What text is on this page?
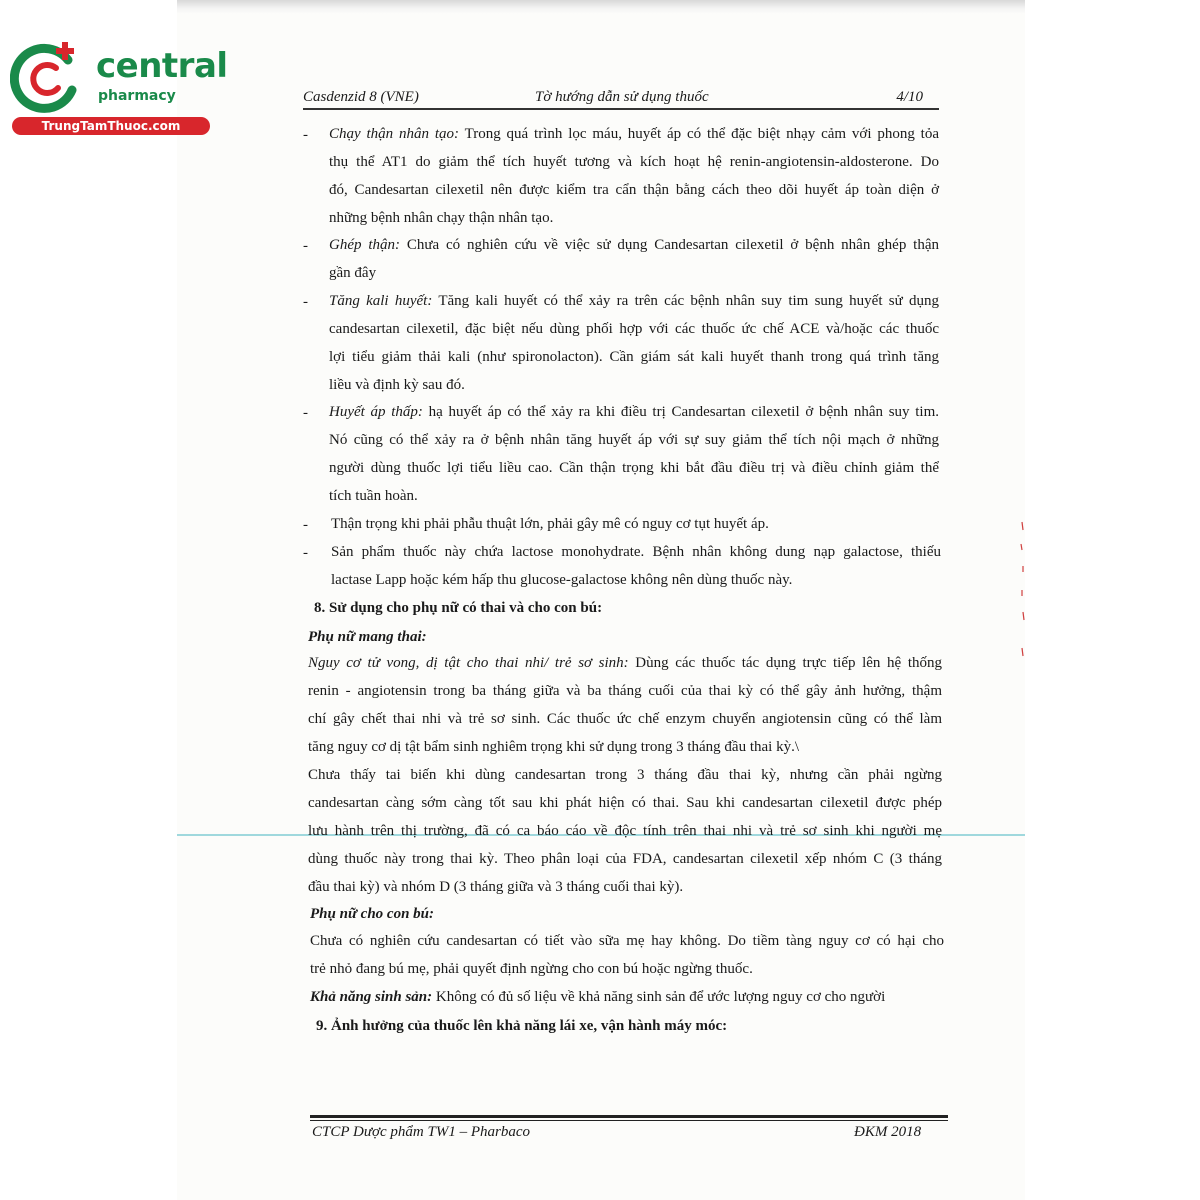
central
pharmacy
TrungTamThuoc.com
Casdenzid 8 (VNE)	Tờ hướng dẫn sử dụng thuốc	4/10
- Chạy thận nhân tạo: Trong quá trình lọc máu, huyết áp có thể đặc biệt nhạy cảm với phong tỏa
thụ thể AT1 do giảm thể tích huyết tương và kích hoạt hệ renin-angiotensin-aldosterone. Do
đó, Candesartan cilexetil nên được kiểm tra cẩn thận bằng cách theo dõi huyết áp toàn diện ở
những bệnh nhân chạy thận nhân tạo.
- Ghép thận: Chưa có nghiên cứu về việc sử dụng Candesartan cilexetil ở bệnh nhân ghép thận
gần đây
- Tăng kali huyết: Tăng kali huyết có thể xảy ra trên các bệnh nhân suy tim sung huyết sử dụng
candesartan cilexetil, đặc biệt nếu dùng phối hợp với các thuốc ức chế ACE và/hoặc các thuốc
lợi tiểu giảm thải kali (như spironolacton). Cần giám sát kali huyết thanh trong quá trình tăng
liều và định kỳ sau đó.
- Huyết áp thấp: hạ huyết áp có thể xảy ra khi điều trị Candesartan cilexetil ở bệnh nhân suy tim.
Nó cũng có thể xảy ra ở bệnh nhân tăng huyết áp với sự suy giảm thể tích nội mạch ở những
người dùng thuốc lợi tiểu liều cao. Cần thận trọng khi bắt đầu điều trị và điều chỉnh giảm thể
tích tuần hoàn.
- Thận trọng khi phải phẫu thuật lớn, phải gây mê có nguy cơ tụt huyết áp.
- Sản phẩm thuốc này chứa lactose monohydrate. Bệnh nhân không dung nạp galactose, thiếu
lactase Lapp hoặc kém hấp thu glucose-galactose không nên dùng thuốc này.
8. Sử dụng cho phụ nữ có thai và cho con bú:
Phụ nữ mang thai:
Nguy cơ tử vong, dị tật cho thai nhi/ trẻ sơ sinh: Dùng các thuốc tác dụng trực tiếp lên hệ thống
renin - angiotensin trong ba tháng giữa và ba tháng cuối của thai kỳ có thể gây ảnh hưởng, thậm
chí gây chết thai nhi và trẻ sơ sinh. Các thuốc ức chế enzym chuyển angiotensin cũng có thể làm
tăng nguy cơ dị tật bẩm sinh nghiêm trọng khi sử dụng trong 3 tháng đầu thai kỳ.\
Chưa thấy tai biến khi dùng candesartan trong 3 tháng đầu thai kỳ, nhưng cần phải ngừng
candesartan càng sớm càng tốt sau khi phát hiện có thai. Sau khi candesartan cilexetil được phép
lưu hành trên thị trường, đã có ca báo cáo về độc tính trên thai nhi và trẻ sơ sinh khi người mẹ
dùng thuốc này trong thai kỳ. Theo phân loại của FDA, candesartan cilexetil xếp nhóm C (3 tháng
đầu thai kỳ) và nhóm D (3 tháng giữa và 3 tháng cuối thai kỳ).
Phụ nữ cho con bú:
Chưa có nghiên cứu candesartan có tiết vào sữa mẹ hay không. Do tiềm tàng nguy cơ có hại cho
trẻ nhỏ đang bú mẹ, phải quyết định ngừng cho con bú hoặc ngừng thuốc.
Khả năng sinh sản: Không có đủ số liệu về khả năng sinh sản để ước lượng nguy cơ cho người
9. Ảnh hưởng của thuốc lên khả năng lái xe, vận hành máy móc:
CTCP Dược phẩm TW1 – Pharbaco	ĐKM 2018
